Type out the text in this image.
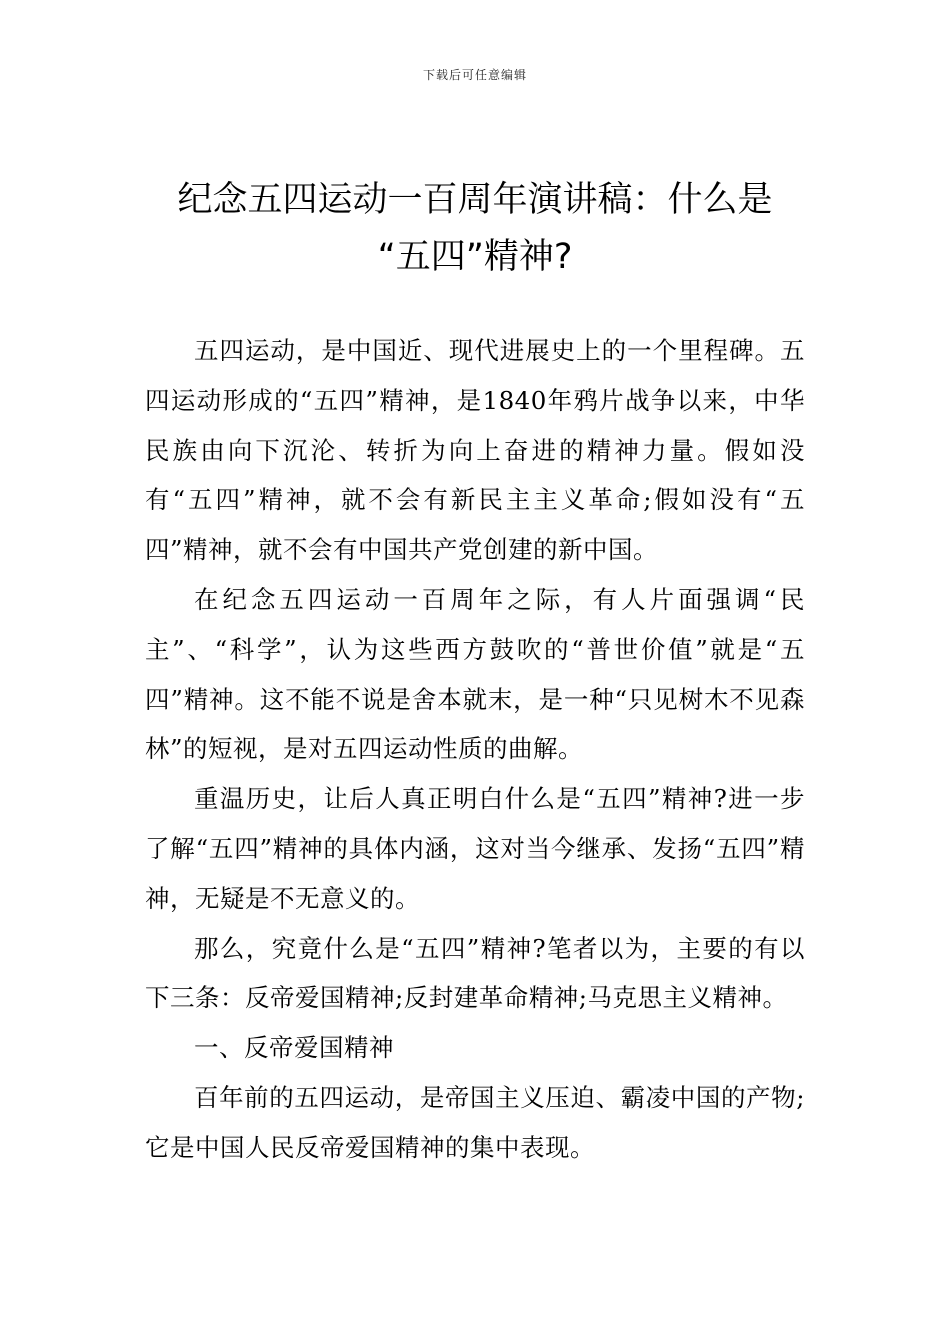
下载后可任意编辑
纪念五四运动一百周年演讲稿：什么是
“五四”精神?

五四运动，是中国近、现代进展史上的一个里程碑。五四运动形成的“五四”精神，是1840年鸦片战争以来，中华民族由向下沉沦、转折为向上奋进的精神力量。假如没有“五四”精神，就不会有新民主主义革命;假如没有“五四”精神，就不会有中国共产党创建的新中国。

在纪念五四运动一百周年之际，有人片面强调“民主”、“科学”，认为这些西方鼓吹的“普世价值”就是“五四”精神。这不能不说是舍本就末，是一种“只见树木不见森林”的短视，是对五四运动性质的曲解。

重温历史，让后人真正明白什么是“五四”精神?进一步了解“五四”精神的具体内涵，这对当今继承、发扬“五四”精神，无疑是不无意义的。

那么，究竟什么是“五四”精神?笔者以为，主要的有以下三条：反帝爱国精神;反封建革命精神;马克思主义精神。

一、反帝爱国精神

百年前的五四运动，是帝国主义压迫、霸凌中国的产物;它是中国人民反帝爱国精神的集中表现。
